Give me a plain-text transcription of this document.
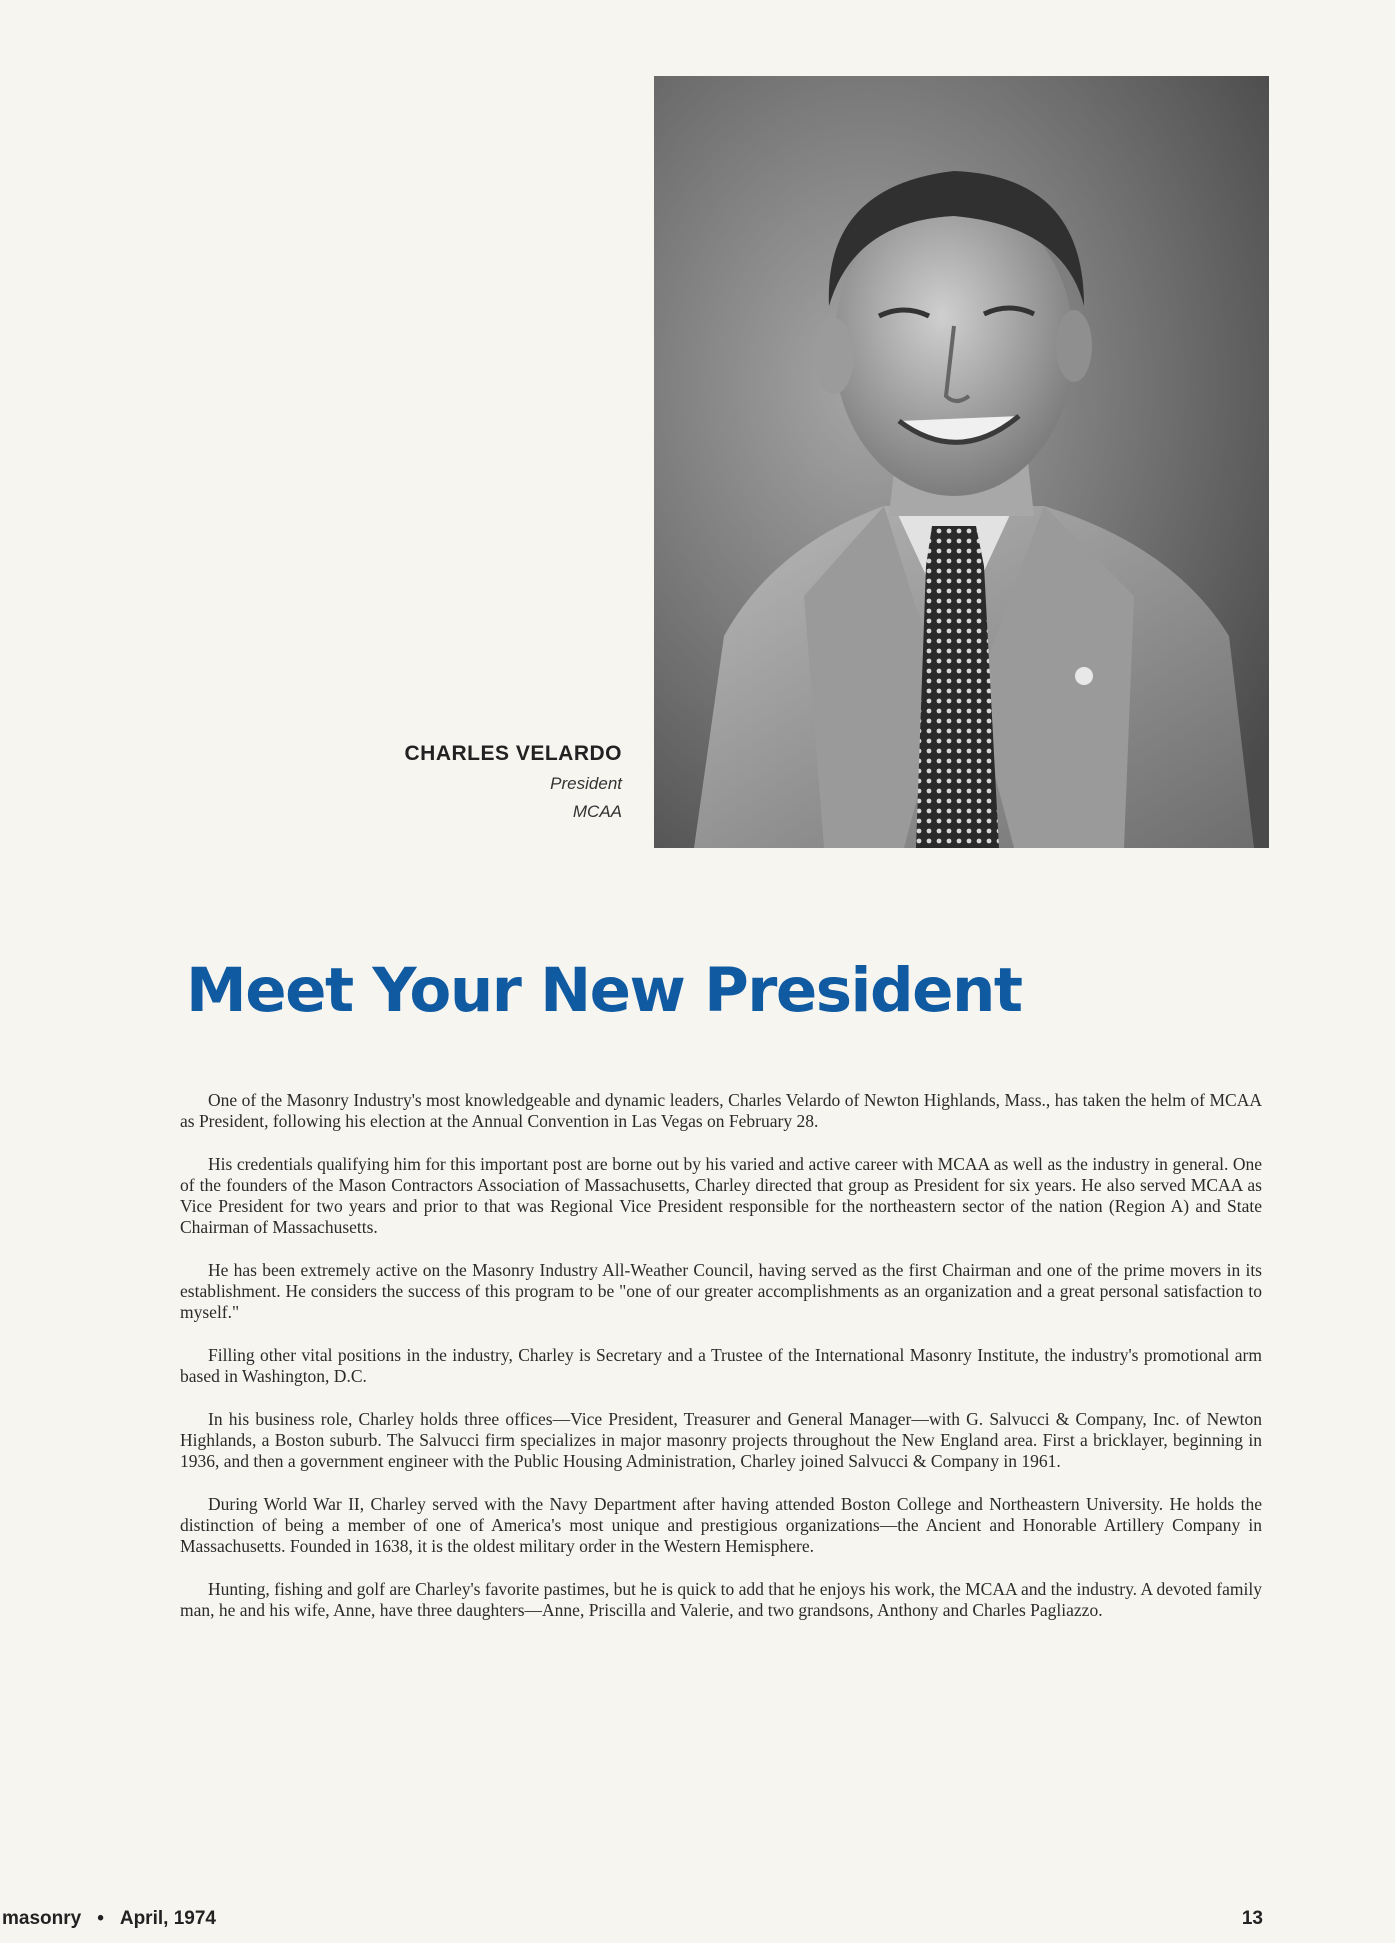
CHARLES VELARDO
President
MCAA
Meet Your New President

One of the Masonry Industry's most knowledgeable and dynamic leaders, Charles Velardo of Newton Highlands, Mass., has taken the helm of MCAA as President, following his election at the Annual Convention in Las Vegas on February 28.

His credentials qualifying him for this important post are borne out by his varied and active career with MCAA as well as the industry in general. One of the founders of the Mason Contractors Association of Massachusetts, Charley directed that group as President for six years. He also served MCAA as Vice President for two years and prior to that was Regional Vice President responsible for the northeastern sector of the nation (Region A) and State Chairman of Massachusetts.

He has been extremely active on the Masonry Industry All-Weather Council, having served as the first Chairman and one of the prime movers in its establishment. He considers the success of this program to be "one of our greater accomplishments as an organization and a great personal satisfaction to myself."

Filling other vital positions in the industry, Charley is Secretary and a Trustee of the International Masonry Institute, the industry's promotional arm based in Washington, D.C.

In his business role, Charley holds three offices—Vice President, Treasurer and General Manager—with G. Salvucci & Company, Inc. of Newton Highlands, a Boston suburb. The Salvucci firm specializes in major masonry projects throughout the New England area. First a bricklayer, beginning in 1936, and then a government engineer with the Public Housing Administration, Charley joined Salvucci & Company in 1961.

During World War II, Charley served with the Navy Department after having attended Boston College and Northeastern University. He holds the distinction of being a member of one of America's most unique and prestigious organizations—the Ancient and Honorable Artillery Company in Massachusetts. Founded in 1638, it is the oldest military order in the Western Hemisphere.

Hunting, fishing and golf are Charley's favorite pastimes, but he is quick to add that he enjoys his work, the MCAA and the industry. A devoted family man, he and his wife, Anne, have three daughters—Anne, Priscilla and Valerie, and two grandsons, Anthony and Charles Pagliazzo.

masonry • April, 1974	13
